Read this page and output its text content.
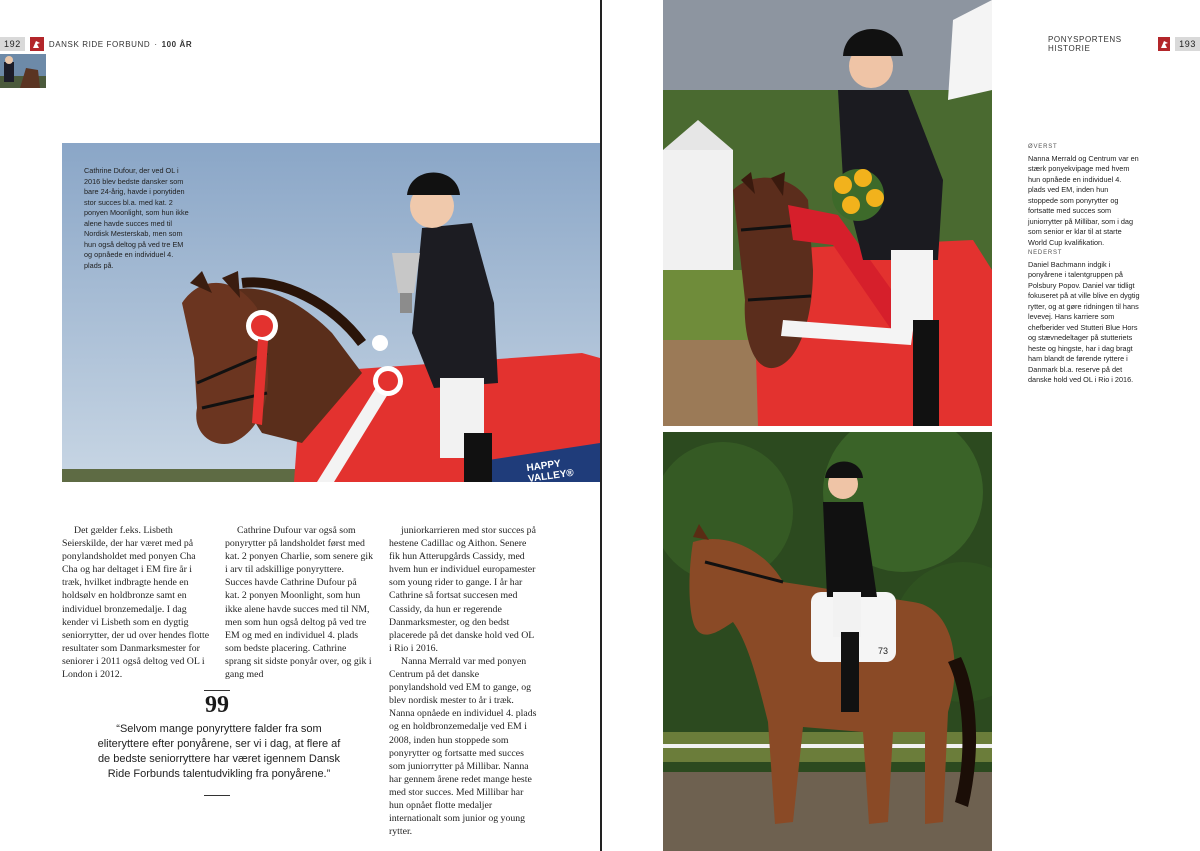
192	DANSK RIDE FORBUND · 100 ÅR
Cathrine Dufour, der ved OL i 2016 blev bedste dansker som bare 24-årig, havde i ponytiden stor succes bl.a. med kat. 2 ponyen Moonlight, som hun ikke alene havde succes med til Nordisk Mesterskab, men som hun også deltog på ved tre EM og opnåede en individuel 4. plads på.
HAPPY VALLEY®

Det gælder f.eks. Lisbeth Seierskilde, der har været med på ponylandsholdet med ponyen Cha Cha og har deltaget i EM fire år i træk, hvilket indbragte hende en holdsølv en holdbronze samt en individuel bronzemedalje. I dag kender vi Lisbeth som en dygtig seniorrytter, der ud over hendes flotte resultater som Danmarksmester for seniorer i 2011 også deltog ved OL i London i 2012.

Cathrine Dufour var også som ponyrytter på landsholdet først med kat. 2 ponyen Charlie, som senere gik i arv til adskillige ponyryttere. Succes havde Cathrine Dufour på kat. 2 ponyen Moonlight, som hun ikke alene havde succes med til NM, men som hun også deltog på ved tre EM og med en individuel 4. plads som bedste placering. Cathrine sprang sit sidste ponyår over, og gik i gang med

juniorkarrieren med stor succes på hestene Cadillac og Aithon. Senere fik hun Atterupgårds Cassidy, med hvem hun er individuel europamester som young rider to gange. I år har Cathrine så fortsat succesen med Cassidy, da hun er regerende Danmarksmester, og den bedst placerede på det danske hold ved OL i Rio i 2016.

Nanna Merrald var med ponyen Centrum på det danske ponylandshold ved EM to gange, og blev nordisk mester to år i træk. Nanna opnåede en individuel 4. plads og en holdbronzemedalje ved EM i 2008, inden hun stoppede som ponyrytter og fortsatte med succes som juniorrytter på Millibar. Nanna har gennem årene redet mange heste med stor succes. Med Millibar har hun opnået flotte medaljer internationalt som junior og young rytter.

99
“Selvom mange ponyryttere falder fra som eliteryttere efter ponyårene, ser vi i dag, at flere af de bedste seniorryttere har været igennem Dansk Ride Forbunds talentudvikling fra ponyårene.”
73
PONYSPORTENS HISTORIE	193
ØVERST
Nanna Merrald og Centrum var en stærk ponyekvipage med hvem hun opnåede en individuel 4. plads ved EM, inden hun stoppede som ponyrytter og fortsatte med succes som juniorrytter på Millibar, som i dag som senior er klar til at starte World Cup kvalifikation.
NEDERST
Daniel Bachmann indgik i ponyårene i talentgruppen på Polsbury Popov. Daniel var tidligt fokuseret på at ville blive en dygtig rytter, og at gøre ridningen til hans levevej. Hans karriere som chefberider ved Stutteri Blue Hors og stævnedeltager på stutteriets heste og hingste, har i dag bragt ham blandt de førende ryttere i Danmark bl.a. reserve på det danske hold ved OL i Rio i 2016.
